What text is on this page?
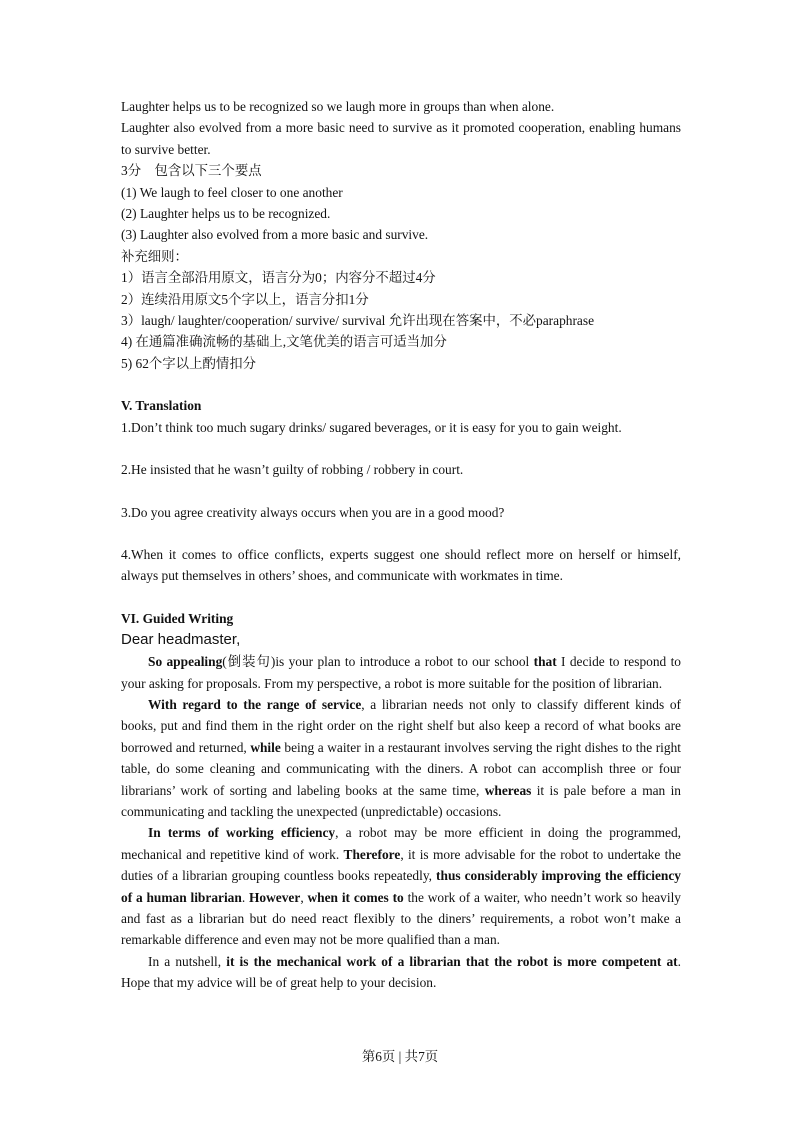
Laughter helps us to be recognized so we laugh more in groups than when alone.

Laughter also evolved from a more basic need to survive as it promoted cooperation, enabling humans to survive better.

3分　包含以下三个要点

(1) We laugh to feel closer to one another

(2) Laughter helps us to be recognized.

(3) Laughter also evolved from a more basic and survive.

补充细则：

1）语言全部沿用原文，语言分为0；内容分不超过4分

2）连续沿用原文5个字以上，语言分扣1分

3）laugh/ laughter/cooperation/ survive/ survival 允许出现在答案中，不必paraphrase

4) 在通篇准确流畅的基础上,文笔优美的语言可适当加分

5) 62个字以上酌情扣分

V. Translation

1.Don’t think too much sugary drinks/ sugared beverages, or it is easy for you to gain weight.

2.He insisted that he wasn’t guilty of robbing / robbery in court.

3.Do you agree creativity always occurs when you are in a good mood?

4.When it comes to office conflicts, experts suggest one should reflect more on herself or himself, always put themselves in others’ shoes, and communicate with workmates in time.

VI. Guided Writing

Dear headmaster,

So appealing(倒装句)is your plan to introduce a robot to our school that I decide to respond to your asking for proposals. From my perspective, a robot is more suitable for the position of librarian.

With regard to the range of service, a librarian needs not only to classify different kinds of books, put and find them in the right order on the right shelf but also keep a record of what books are borrowed and returned, while being a waiter in a restaurant involves serving the right dishes to the right table, do some cleaning and communicating with the diners. A robot can accomplish three or four librarians’ work of sorting and labeling books at the same time, whereas it is pale before a man in communicating and tackling the unexpected (unpredictable) occasions.

In terms of working efficiency, a robot may be more efficient in doing the programmed, mechanical and repetitive kind of work. Therefore, it is more advisable for the robot to undertake the duties of a librarian grouping countless books repeatedly, thus considerably improving the efficiency of a human librarian. However, when it comes to the work of a waiter, who needn’t work so heavily and fast as a librarian but do need react flexibly to the diners’ requirements, a robot won’t make a remarkable difference and even may not be more qualified than a man.

In a nutshell, it is the mechanical work of a librarian that the robot is more competent at. Hope that my advice will be of great help to your decision.

第6页 | 共7页
